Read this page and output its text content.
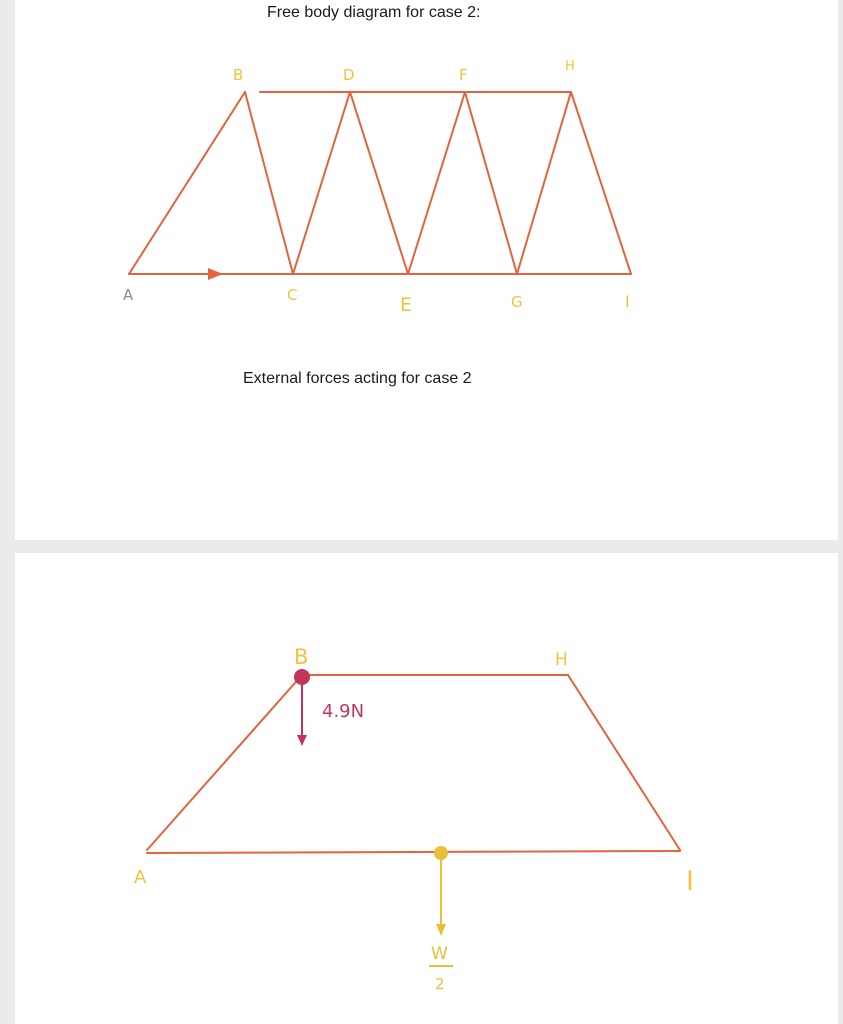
Free body diagram for case 2:
A
B
C
D
E
F
G
H
I
External forces acting for case 2
B	H
A	I
4.9N
W
2
